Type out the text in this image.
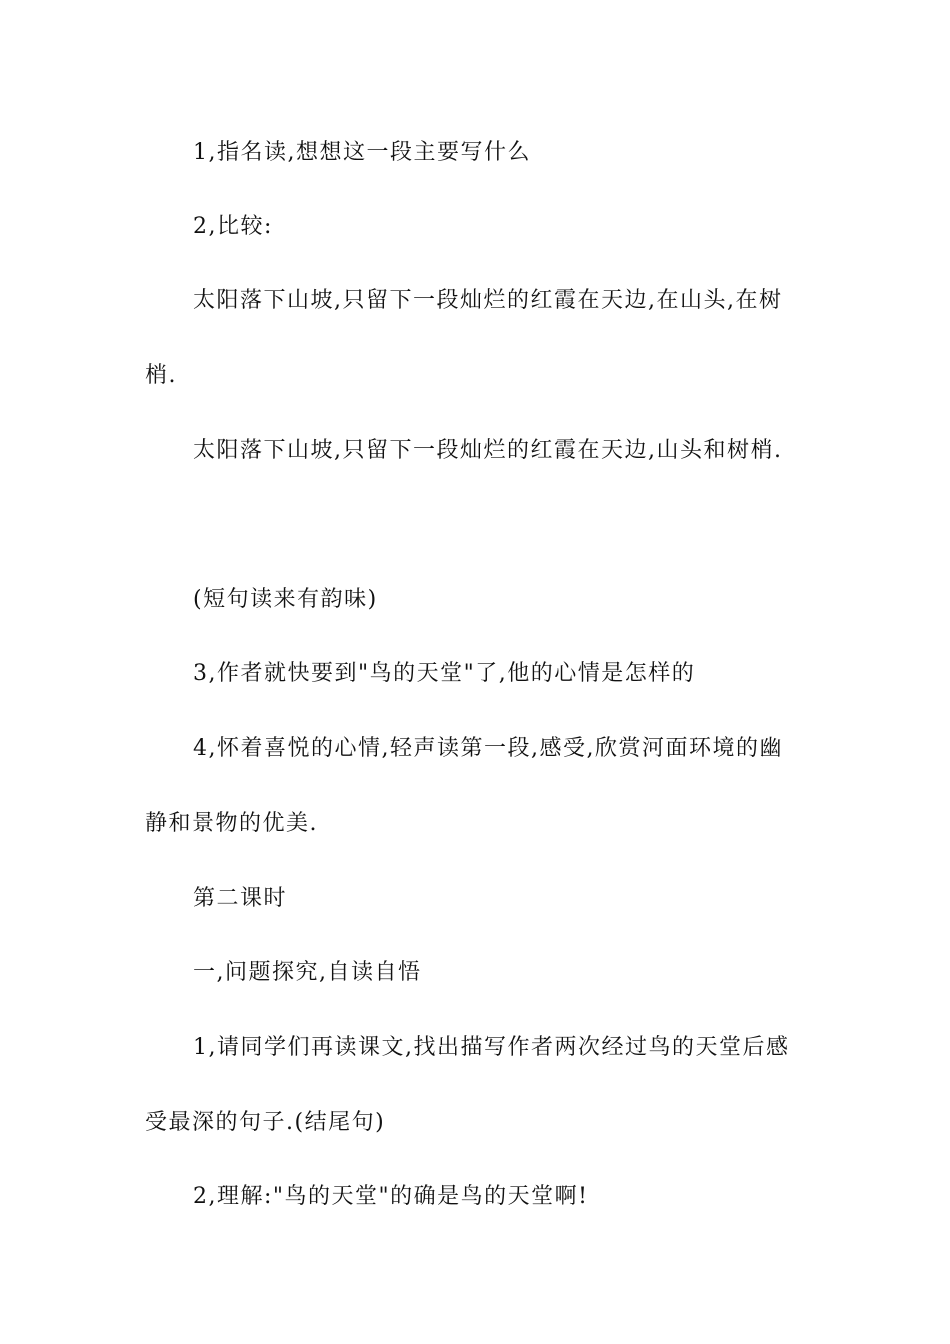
1,指名读,想想这一段主要写什么
2,比较:
太阳落下山坡,只留下一段灿烂的红霞在天边,在山头,在树
梢.
太阳落下山坡,只留下一段灿烂的红霞在天边,山头和树梢.
(短句读来有韵味)
3,作者就快要到"鸟的天堂"了,他的心情是怎样的
4,怀着喜悦的心情,轻声读第一段,感受,欣赏河面环境的幽
静和景物的优美.
第二课时
一,问题探究,自读自悟
1,请同学们再读课文,找出描写作者两次经过鸟的天堂后感
受最深的句子.(结尾句)
2,理解:"鸟的天堂"的确是鸟的天堂啊!
